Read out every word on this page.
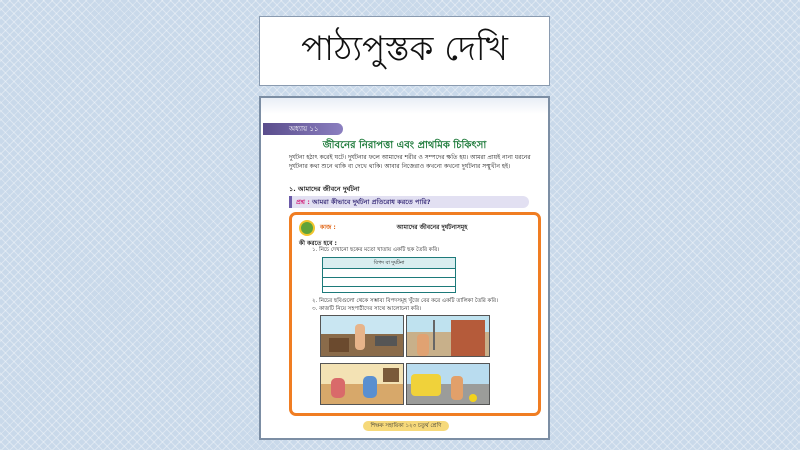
পাঠ্যপুস্তক দেখি
অধ্যায় ১১
জীবনের নিরাপত্তা এবং প্রাথমিক চিকিৎসা
দুর্ঘটনা হঠাৎ করেই ঘটে। দুর্ঘটনার ফলে আমাদের শরীর ও সম্পদের ক্ষতি হয়। আমরা প্রায়ই নানা ধরনের দুর্ঘটনার কথা শুনে থাকি বা দেখে থাকি। আবার নিজেরাও কখনো কখনো দুর্ঘটনার সম্মুখীন হই।
১. আমাদের জীবনে দুর্ঘটনা
প্রশ্ন : আমরা কীভাবে দুর্ঘটনা প্রতিরোধ করতে পারি?
কাজ :	আমাদের জীবনের দুর্ঘটনাসমূহ
কী করতে হবে :
১. নিচে দেখানো ছকের মতো খাতায় একটি ছক তৈরি করি।
বিপদ বা দুর্ঘটনা
২. নিচের ছবিগুলো থেকে সম্ভাব্য বিপদসমূহ খুঁজে বের করে একটি তালিকা তৈরি করি।
৩. কাজটি নিয়ে সহপাঠীদের সাথে আলোচনা করি।
শিক্ষক সহায়িকা ১২৩ চতুর্থ শ্রেণি
